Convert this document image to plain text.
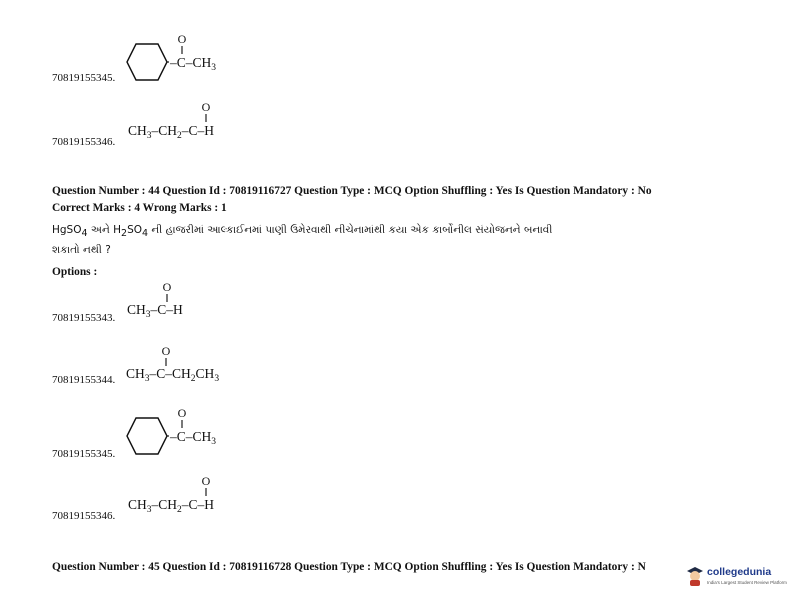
O
‖
$-C-CH_3$
70819155345.
O
‖
$CH_3-CH_2-C-H$
70819155346.
Question Number : 44 Question Id : 70819116727 Question Type : MCQ Option Shuffling : Yes Is Question Mandatory : No
Correct Marks : 4 Wrong Marks : 1
HgSO4 અને H2SO4 ની હાજરીમાં આલ્કાઈનમાં પાણી ઉમેરવાથી નીચેનામાંથી કયા એક કાર્બોનીલ સંયોજનને બનાવી
શકાતો નથી ?
Options :
O
‖
$CH_3-C-H$
70819155343.
O
‖
$CH_3-C-CH_2CH_3$
70819155344.
O
‖
$-C-CH_3$
70819155345.
O
‖
$CH_3-CH_2-C-H$
70819155346.
Question Number : 45 Question Id : 70819116728 Question Type : MCQ Option Shuffling : Yes Is Question Mandatory : N	collegedunia
India's Largest Student Review Platform
